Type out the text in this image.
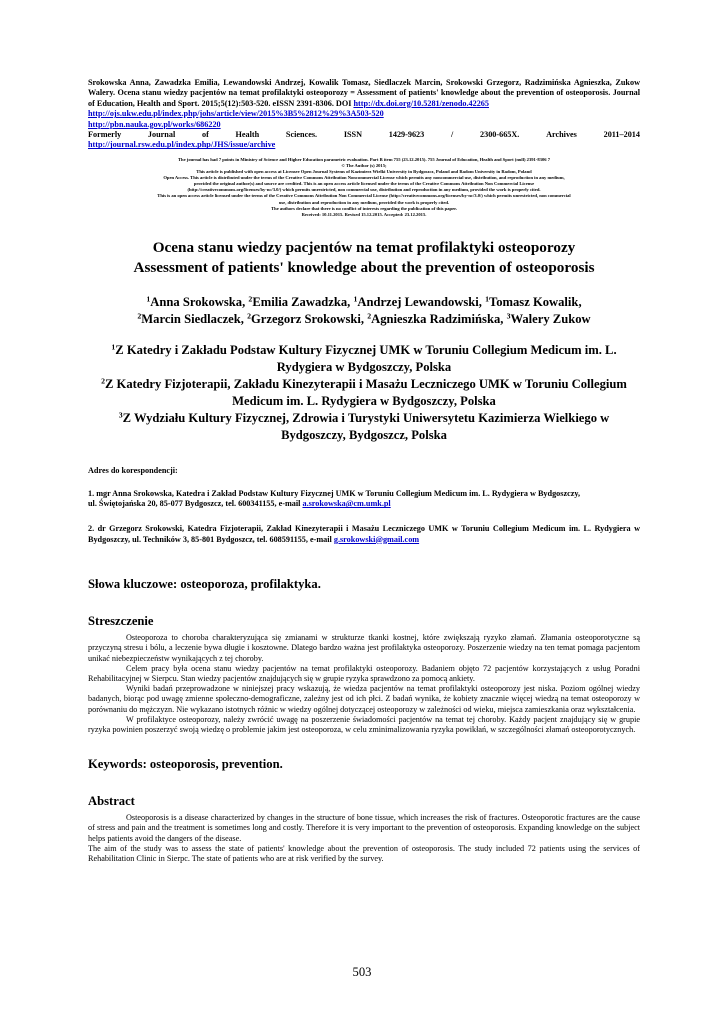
Srokowska Anna, Zawadzka Emilia, Lewandowski Andrzej, Kowalik Tomasz, Siedlaczek Marcin, Srokowski Grzegorz, Radzimińska Agnieszka, Zukow Walery. Ocena stanu wiedzy pacjentów na temat profilaktyki osteoporozy = Assessment of patients' knowledge about the prevention of osteoporosis. Journal of Education, Health and Sport. 2015;5(12):503-520. eISSN 2391-8306. DOI http://dx.doi.org/10.5281/zenodo.42265
http://ojs.ukw.edu.pl/index.php/johs/article/view/2015%3B5%2812%29%3A503-520
http://pbn.nauka.gov.pl/works/686220
Formerly	Journal	of	Health	Sciences.	ISSN	1429-9623	/	2300-665X.	Archives	2011–2014
http://journal.rsw.edu.pl/index.php/JHS/issue/archive
The journal has had 7 points in Ministry of Science and Higher Education parametric evaluation. Part B item 755 (23.12.2015). 755 Journal of Education, Health and Sport (null) 2391-8306 7
© The Author (s) 2015;
This article is published with open access at Licensee Open Journal Systems of Kazimierz Wielki University in Bydgoszcz, Poland and Radom University in Radom, Poland
Open Access. This article is distributed under the terms of the Creative Commons Attribution Noncommercial License which permits any noncommercial use, distribution, and reproduction in any medium,
provided the original author(s) and source are credited. This is an open access article licensed under the terms of the Creative Commons Attribution Non Commercial License
(http://creativecommons.org/licenses/by-nc/3.0/) which permits unrestricted, non commercial use, distribution and reproduction in any medium, provided the work is properly cited.
This is an open access article licensed under the terms of the Creative Commons Attribution Non Commercial License (http://creativecommons.org/licenses/by-nc/3.0/) which permits unrestricted, non commercial
use, distribution and reproduction in any medium, provided the work is properly cited.
The authors declare that there is no conflict of interests regarding the publication of this paper.
Received: 10.11.2015. Revised 15.12.2015. Accepted: 23.12.2015.
Ocena stanu wiedzy pacjentów na temat profilaktyki osteoporozy
Assessment of patients' knowledge about the prevention of osteoporosis
$^1$Anna Srokowska, $^2$Emilia Zawadzka, $^1$Andrzej Lewandowski, $^1$Tomasz Kowalik,
$^2$Marcin Siedlaczek, $^2$Grzegorz Srokowski, $^2$Agnieszka Radzimińska, $^3$Walery Zukow
$^1$Z Katedry i Zakładu Podstaw Kultury Fizycznej UMK w Toruniu Collegium Medicum im. L. Rydygiera w Bydgoszczy, Polska
$^2$Z Katedry Fizjoterapii, Zakładu Kinezyterapii i Masażu Leczniczego UMK w Toruniu Collegium Medicum im. L. Rydygiera w Bydgoszczy, Polska
$^3$Z Wydziału Kultury Fizycznej, Zdrowia i Turystyki Uniwersytetu Kazimierza Wielkiego w Bydgoszczy, Bydgoszcz, Polska
Adres do korespondencji:
1. mgr Anna Srokowska, Katedra i Zakład Podstaw Kultury Fizycznej UMK w Toruniu Collegium Medicum im. L. Rydygiera w Bydgoszczy,
ul. Świętojańska 20, 85-077 Bydgoszcz, tel. 600341155, e-mail a.srokowska@cm.umk.pl
2. dr Grzegorz Srokowski, Katedra Fizjoterapii, Zakład Kinezyterapii i Masażu Leczniczego UMK w Toruniu Collegium Medicum im. L. Rydygiera w Bydgoszczy, ul. Techników 3, 85-801 Bydgoszcz, tel. 608591155, e-mail g.srokowski@gmail.com
Słowa kluczowe: osteoporoza, profilaktyka.
Streszczenie

Osteoporoza to choroba charakteryzująca się zmianami w strukturze tkanki kostnej, które zwiększają ryzyko złamań. Złamania osteoporotyczne są przyczyną stresu i bólu, a leczenie bywa długie i kosztowne. Dlatego bardzo ważna jest profilaktyka osteoporozy. Poszerzenie wiedzy na ten temat pomaga pacjentom unikać niebezpieczeństw wynikających z tej choroby.

Celem pracy była ocena stanu wiedzy pacjentów na temat profilaktyki osteoporozy. Badaniem objęto 72 pacjentów korzystających z usług Poradni Rehabilitacyjnej w Sierpcu. Stan wiedzy pacjentów znajdujących się w grupie ryzyka sprawdzono za pomocą ankiety.

Wyniki badań przeprowadzone w niniejszej pracy wskazują, że wiedza pacjentów na temat profilaktyki osteoporozy jest niska. Poziom ogólnej wiedzy badanych, biorąc pod uwagę zmienne społeczno-demograficzne, zależny jest od ich płci. Z badań wynika, że kobiety znacznie więcej wiedzą na temat osteoporozy w porównaniu do mężczyzn. Nie wykazano istotnych różnic w wiedzy ogólnej dotyczącej osteoporozy w zależności od wieku, miejsca zamieszkania oraz wykształcenia.

W profilaktyce osteoporozy, należy zwrócić uwagę na poszerzenie świadomości pacjentów na temat tej choroby. Każdy pacjent znajdujący się w grupie ryzyka powinien poszerzyć swoją wiedzę o problemie jakim jest osteoporoza, w celu zminimalizowania ryzyka powikłań, w szczególności złamań osteoporotycznych.

Keywords: osteoporosis, prevention.
Abstract

Osteoporosis is a disease characterized by changes in the structure of bone tissue, which increases the risk of fractures. Osteoporotic fractures are the cause of stress and pain and the treatment is sometimes long and costly. Therefore it is very important to the prevention of osteoporosis. Expanding knowledge on the subject helps patients avoid the dangers of the disease.

The aim of the study was to assess the state of patients' knowledge about the prevention of osteoporosis. The study included 72 patients using the services of Rehabilitation Clinic in Sierpc. The state of patients who are at risk verified by the survey.

503
